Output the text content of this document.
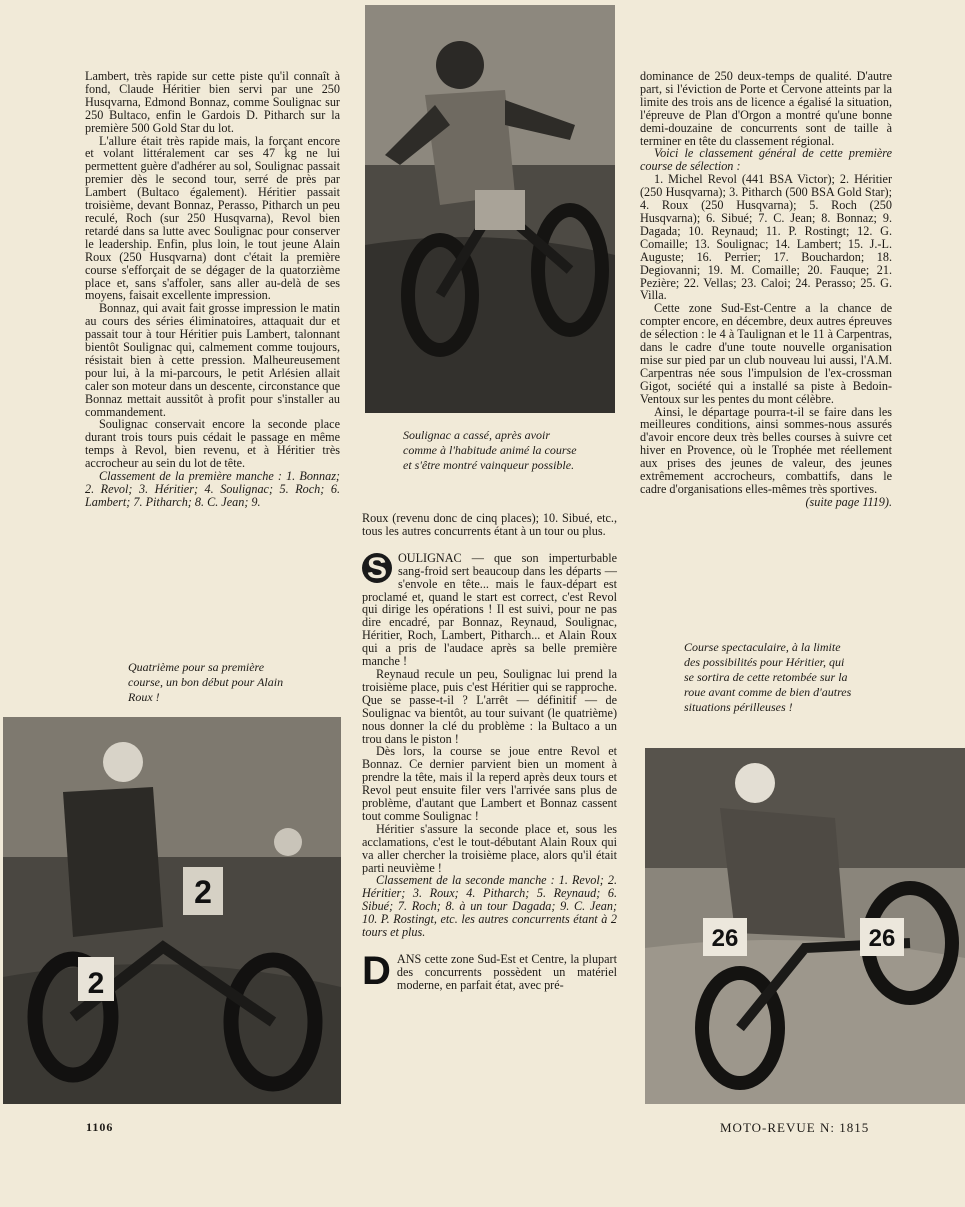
Lambert, très rapide sur cette piste qu'il connaît à fond, Claude Héritier bien servi par une 250 Husqvarna, Edmond Bonnaz, comme Soulignac sur 250 Bultaco, enfin le Gardois D. Pitharch sur la première 500 Gold Star du lot.

L'allure était très rapide mais, la forçant encore et volant littéralement car ses 47 kg ne lui permettent guère d'adhérer au sol, Soulignac passait premier dès le second tour, serré de près par Lambert (Bultaco également). Héritier passait troisième, devant Bonnaz, Perasso, Pitharch un peu reculé, Roch (sur 250 Husqvarna), Revol bien retardé dans sa lutte avec Soulignac pour conserver le leadership. Enfin, plus loin, le tout jeune Alain Roux (250 Husqvarna) dont c'était la première course s'efforçait de se dégager de la quatorzième place et, sans s'affoler, sans aller au-delà de ses moyens, faisait excellente impression.

Bonnaz, qui avait fait grosse impression le matin au cours des séries éliminatoires, attaquait dur et passait tour à tour Héritier puis Lambert, talonnant bientôt Soulignac qui, calmement comme toujours, résistait bien à cette pression. Malheureusement pour lui, à la mi-parcours, le petit Arlésien allait caler son moteur dans un descente, circonstance que Bonnaz mettait aussitôt à profit pour s'installer au commandement.

Soulignac conservait encore la seconde place durant trois tours puis cédait le passage en même temps à Revol, bien revenu, et à Héritier très accrocheur au sein du lot de tête.

Classement de la première manche : 1. Bonnaz; 2. Revol; 3. Héritier; 4. Soulignac; 5. Roch; 6. Lambert; 7. Pitharch; 8. C. Jean; 9.

Quatrième pour sa première course, un bon début pour Alain Roux !
Soulignac a cassé, après avoir comme à l'habitude animé la course et s'être montré vainqueur possible.

Roux (revenu donc de cinq places); 10. Sibué, etc., tous les autres concurrents étant à un tour ou plus.

S OULIGNAC — que son imperturbable sang-froid sert beaucoup dans les départs — s'envole en tête... mais le faux-départ est proclamé et, quand le start est correct, c'est Revol qui dirige les opérations ! Il est suivi, pour ne pas dire encadré, par Bonnaz, Reynaud, Soulignac, Héritier, Roch, Lambert, Pitharch... et Alain Roux qui a pris de l'audace après sa belle première manche !

Reynaud recule un peu, Soulignac lui prend la troisième place, puis c'est Héritier qui se rapproche. Que se passe-t-il ? L'arrêt — définitif — de Soulignac va bientôt, au tour suivant (le quatrième) nous donner la clé du problème : la Bultaco a un trou dans le piston !

Dès lors, la course se joue entre Revol et Bonnaz. Ce dernier parvient bien un moment à prendre la tête, mais il la reperd après deux tours et Revol peut ensuite filer vers l'arrivée sans plus de problème, d'autant que Lambert et Bonnaz cassent tout comme Soulignac !

Héritier s'assure la seconde place et, sous les acclamations, c'est le tout-débutant Alain Roux qui va aller chercher la troisième place, alors qu'il était parti neuvième !

Classement de la seconde manche : 1. Revol; 2. Héritier; 3. Roux; 4. Pitharch; 5. Reynaud; 6. Sibué; 7. Roch; 8. à un tour Dagada; 9. C. Jean; 10. P. Rostingt, etc. les autres concurrents étant à 2 tours et plus.

DANS cette zone Sud-Est et Centre, la plupart des concurrents possèdent un matériel moderne, en parfait état, avec pré-

dominance de 250 deux-temps de qualité. D'autre part, si l'éviction de Porte et Cervone atteints par la limite des trois ans de licence a égalisé la situation, l'épreuve de Plan d'Orgon a montré qu'une bonne demi-douzaine de concurrents sont de taille à terminer en tête du classement régional.

Voici le classement général de cette première course de sélection :

1. Michel Revol (441 BSA Victor); 2. Héritier (250 Husqvarna); 3. Pitharch (500 BSA Gold Star); 4. Roux (250 Husqvarna); 5. Roch (250 Husqvarna); 6. Sibué; 7. C. Jean; 8. Bonnaz; 9. Dagada; 10. Reynaud; 11. P. Rostingt; 12. G. Comaille; 13. Soulignac; 14. Lambert; 15. J.-L. Auguste; 16. Perrier; 17. Bouchardon; 18. Degiovanni; 19. M. Comaille; 20. Fauque; 21. Pezière; 22. Vellas; 23. Caloi; 24. Perasso; 25. G. Villa.

Cette zone Sud-Est-Centre a la chance de compter encore, en décembre, deux autres épreuves de sélection : le 4 à Taulignan et le 11 à Carpentras, dans le cadre d'une toute nouvelle organisation mise sur pied par un club nouveau lui aussi, l'A.M. Carpentras née sous l'impulsion de l'ex-crossman Gigot, société qui a installé sa piste à Bedoin-Ventoux sur les pentes du mont célèbre.

Ainsi, le départage pourra-t-il se faire dans les meilleures conditions, ainsi sommes-nous assurés d'avoir encore deux très belles courses à suivre cet hiver en Provence, où le Trophée met réellement aux prises des jeunes de valeur, des jeunes extrêmement accrocheurs, combattifs, dans le cadre d'organisations elles-mêmes très sportives.

(suite page 1119).

Course spectaculaire, à la limite des possibilités pour Héritier, qui se sortira de cette retombée sur la roue avant comme de bien d'autres situations périlleuses !
2
2
26	26
1106	MOTO-REVUE N: 1815
